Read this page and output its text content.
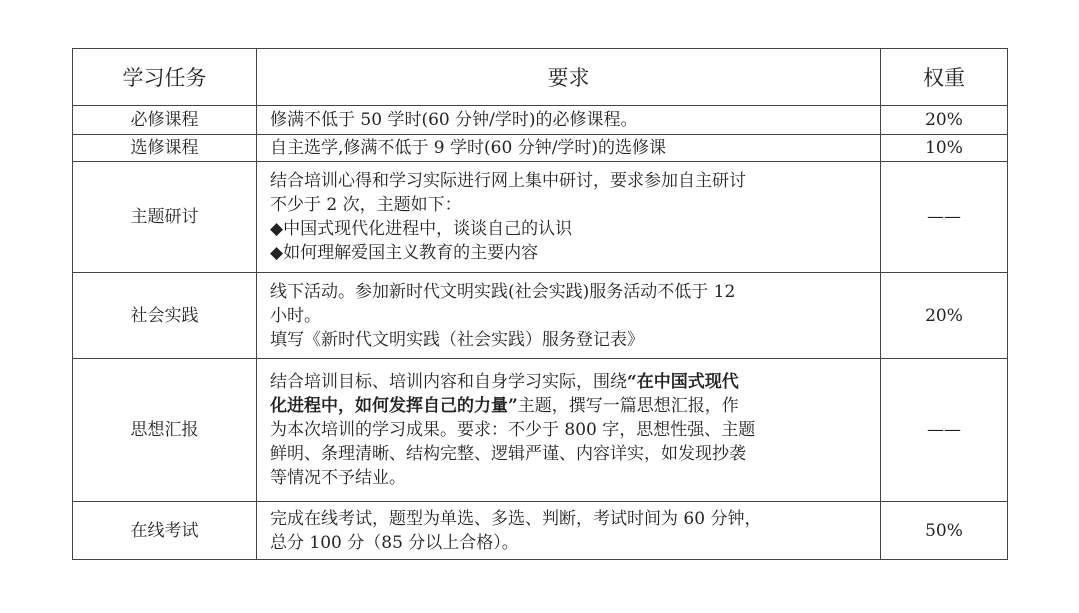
学习任务	要求	权重
必修课程	修满不低于 50 学时(60 分钟/学时)的必修课程。	20%
选修课程	自主选学,修满不低于 9 学时(60 分钟/学时)的选修课	10%
主题研讨	结合培训心得和学习实际进行网上集中研讨，要求参加自主研讨
不少于 2 次，主题如下：
◆中国式现代化进程中，谈谈自己的认识
◆如何理解爱国主义教育的主要内容	——
社会实践	线下活动。参加新时代文明实践(社会实践)服务活动不低于 12
小时。
填写《新时代文明实践（社会实践）服务登记表》	20%
思想汇报	结合培训目标、培训内容和自身学习实际，围绕“在中国式现代
化进程中，如何发挥自己的力量”主题，撰写一篇思想汇报，作
为本次培训的学习成果。要求：不少于 800 字，思想性强、主题
鲜明、条理清晰、结构完整、逻辑严谨、内容详实，如发现抄袭
等情况不予结业。	——
在线考试	完成在线考试，题型为单选、多选、判断，考试时间为 60 分钟，
总分 100 分（85 分以上合格）。	50%
